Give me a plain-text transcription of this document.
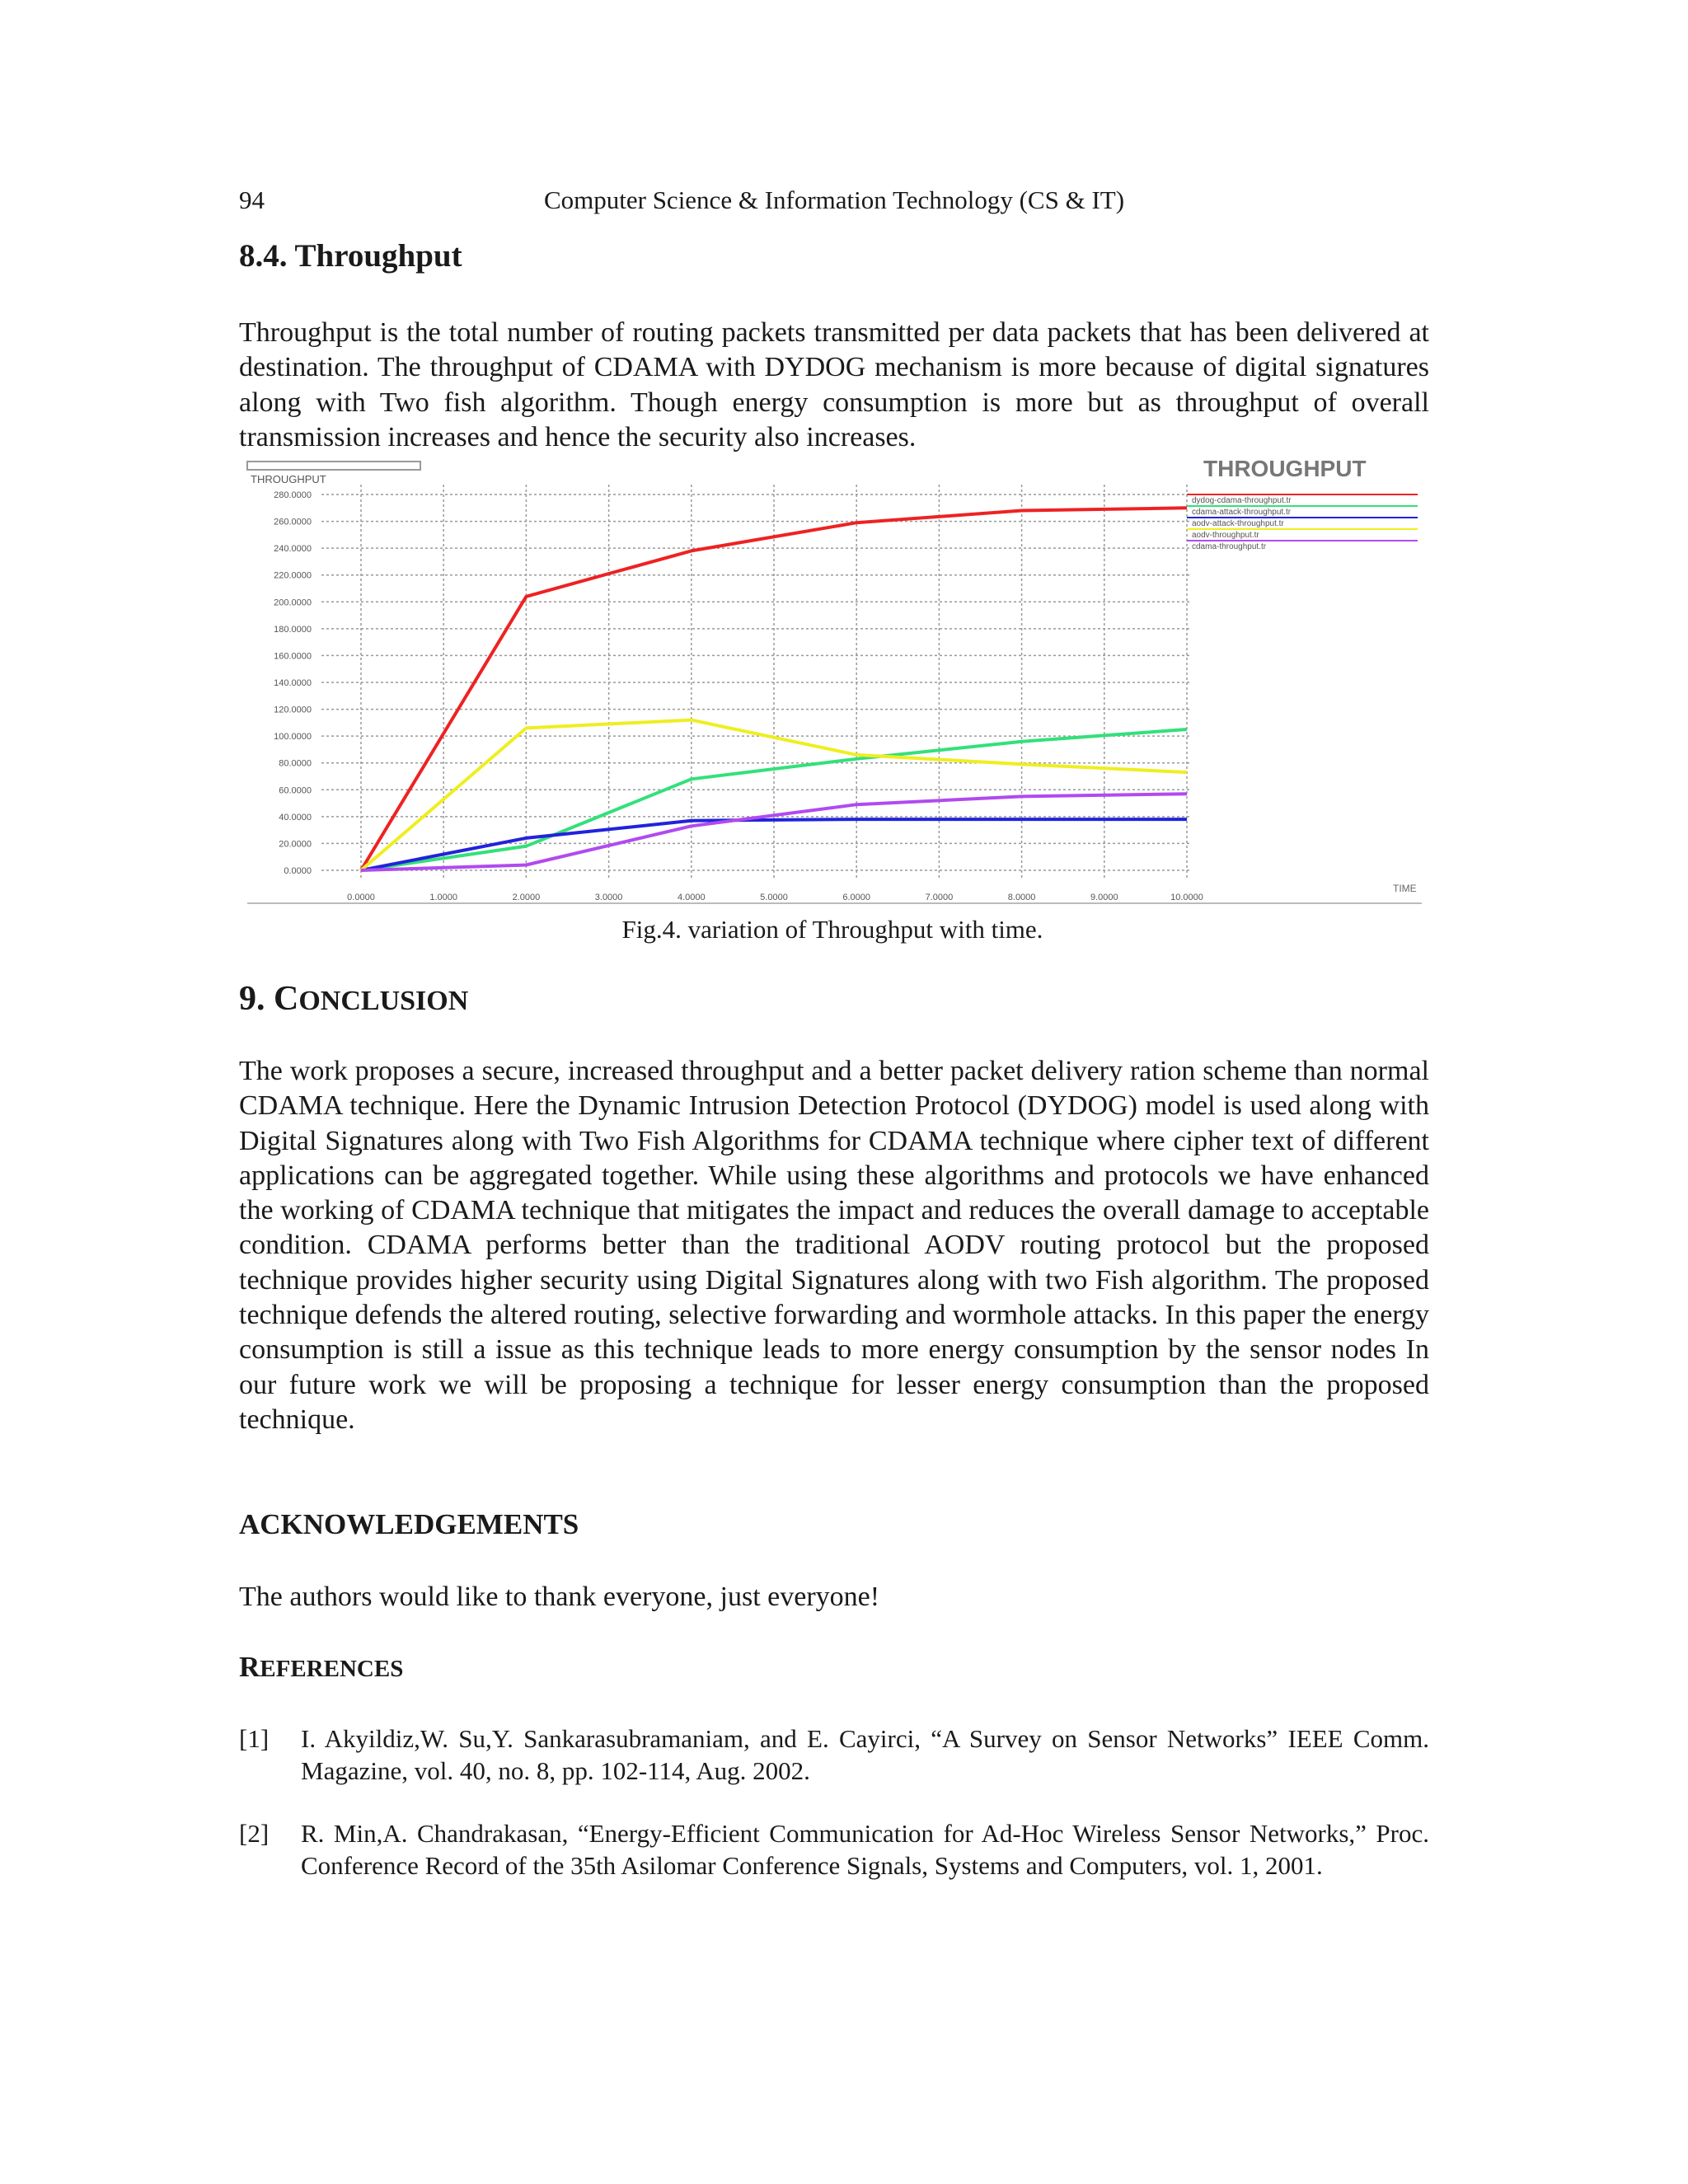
94	Computer Science & Information Technology (CS & IT)
8.4. Throughput

Throughput is the total number of routing packets transmitted per data packets that has been delivered at destination. The throughput of CDAMA with DYDOG mechanism is more because of digital signatures along with Two fish algorithm. Though energy consumption is more but as throughput of overall transmission increases and hence the security also increases.

THROUGHPUT	THROUGHPUT
TIME
0.0000
20.0000
40.0000
60.0000
80.0000
100.0000
120.0000
140.0000
160.0000
180.0000
200.0000
220.0000
240.0000
260.0000
280.0000
0.0000	1.0000	2.0000	3.0000	4.0000	5.0000	6.0000	7.0000	8.0000	9.0000	10.0000
dydog-cdama-throughput.tr
cdama-attack-throughput.tr
aodv-attack-throughput.tr
aodv-throughput.tr
cdama-throughput.tr
Fig.4. variation of Throughput with time.
9. CONCLUSION

The work proposes a secure, increased throughput and a better packet delivery ration scheme than normal CDAMA technique. Here the Dynamic Intrusion Detection Protocol (DYDOG) model is used along with Digital Signatures along with Two Fish Algorithms for CDAMA technique where cipher text of different applications can be aggregated together. While using these algorithms and protocols we have enhanced the working of CDAMA technique that mitigates the impact and reduces the overall damage to acceptable condition. CDAMA performs better than the traditional AODV routing protocol but the proposed technique provides higher security using Digital Signatures along with two Fish algorithm. The proposed technique defends the altered routing, selective forwarding and wormhole attacks. In this paper the energy consumption is still a issue as this technique leads to more energy consumption by the sensor nodes In our future work we will be proposing a technique for lesser energy consumption than the proposed technique.

ACKNOWLEDGEMENTS

The authors would like to thank everyone, just everyone!

REFERENCES
[1] I. Akyildiz,W. Su,Y. Sankarasubramaniam, and E. Cayirci, “A Survey on Sensor Networks” IEEE Comm. Magazine, vol. 40, no. 8, pp. 102-114, Aug. 2002.
[2] R. Min,A. Chandrakasan, “Energy-Efficient Communication for Ad-Hoc Wireless Sensor Networks,” Proc. Conference Record of the 35th Asilomar Conference Signals, Systems and Computers, vol. 1, 2001.
